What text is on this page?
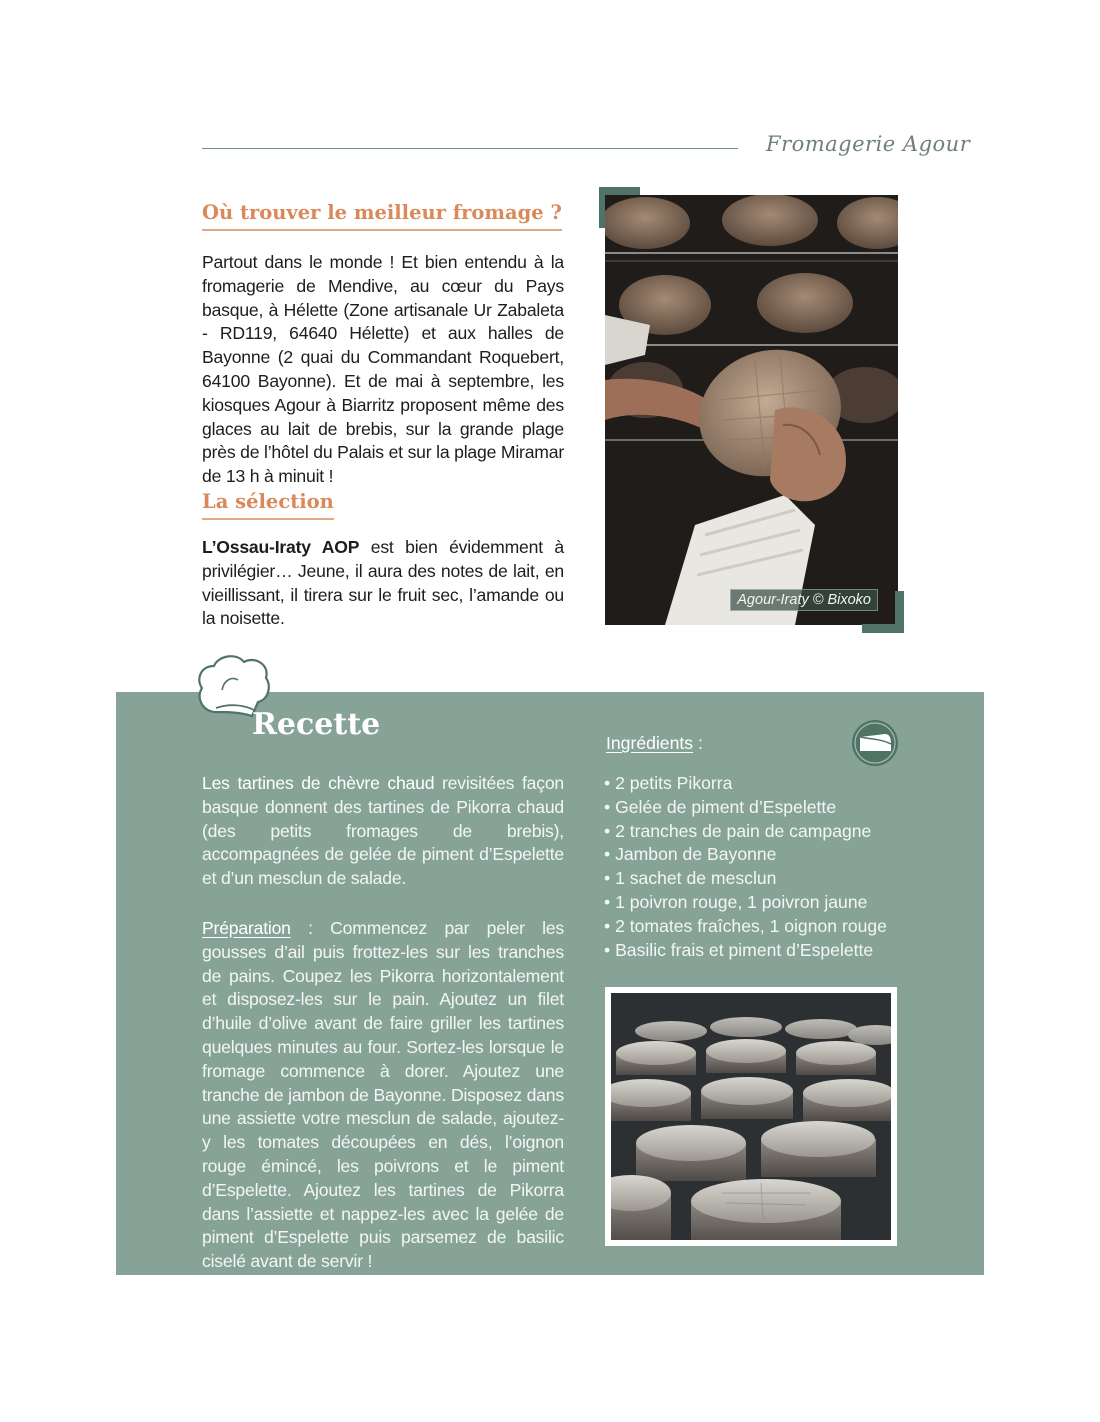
Fromagerie Agour
Où trouver le meilleur fromage ?

Partout dans le monde ! Et bien entendu à la fromagerie de Mendive, au cœur du Pays basque, à Hélette (Zone artisanale Ur Zabaleta - RD119, 64640 Hélette) et aux halles de Bayonne (2 quai du Commandant Roquebert, 64100 Bayonne). Et de mai à septembre, les kiosques Agour à Biarritz proposent même des glaces au lait de brebis, sur la grande plage près de l’hôtel du Palais et sur la plage Miramar de 13 h à minuit !

La sélection

L’Ossau-Iraty AOP est bien évidemment à privilégier… Jeune, il aura des notes de lait, en vieillissant, il tirera sur le fruit sec, l’amande ou la noisette.

Agour-Iraty © Bixoko
Recette

Les tartines de chèvre chaud revisitées façon basque donnent des tartines de Pikorra chaud (des petits fromages de brebis), accompagnées de gelée de piment d’Espelette et d’un mesclun de salade.

Préparation : Commencez par peler les gousses d’ail puis frottez-les sur les tranches de pains. Coupez les Pikorra horizontalement et disposez-les sur le pain. Ajoutez un filet d’huile d’olive avant de faire griller les tartines quelques minutes au four. Sortez-les lorsque le fromage commence à dorer. Ajoutez une tranche de jambon de Bayonne. Disposez dans une assiette votre mesclun de salade, ajoutez-y les tomates découpées en dés, l’oignon rouge émincé, les poivrons et le piment d’Espelette. Ajoutez les tartines de Pikorra dans l’assiette et nappez-les avec la gelée de piment d’Espelette puis parsemez de basilic ciselé avant de servir !

Ingrédients :
• 2 petits Pikorra
• Gelée de piment d’Espelette
• 2 tranches de pain de campagne
• Jambon de Bayonne
• 1 sachet de mesclun
• 1 poivron rouge, 1 poivron jaune
• 2 tomates fraîches, 1 oignon rouge
• Basilic frais et piment d’Espelette
